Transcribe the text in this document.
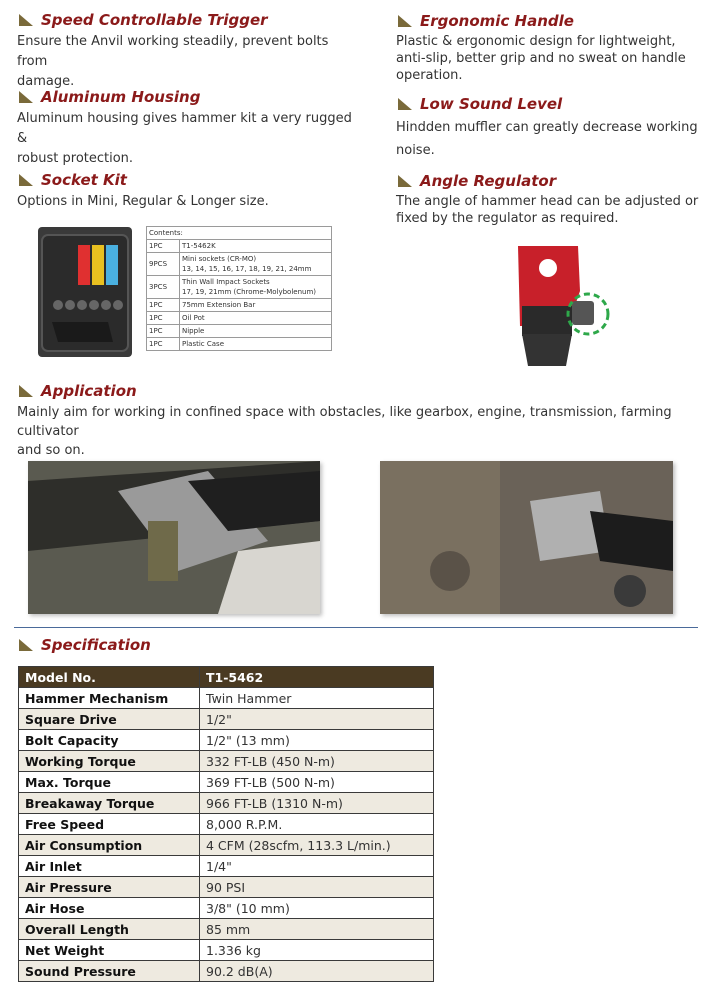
Speed Controllable Trigger
Ensure the Anvil working steadily, prevent bolts from
damage.
Aluminum Housing
Aluminum housing gives hammer kit a very rugged &
robust protection.
Socket Kit
Options in Mini, Regular & Longer size.
Contents:	
1PC	T1-5462K
9PCS	Mini sockets (CR-MO)
13, 14, 15, 16, 17, 18, 19, 21, 24mm
3PCS	Thin Wall Impact Sockets
17, 19, 21mm (Chrome-Molybolenum)
1PC	75mm Extension Bar
1PC	Oil Pot
1PC	Nipple
1PC	Plastic Case
Ergonomic Handle
Plastic & ergonomic design for lightweight,
anti-slip, better grip and no sweat on handle
operation.
Low Sound Level
Hindden muffler can greatly decrease working
noise.
Angle Regulator
The angle of hammer head can be adjusted or
fixed by the regulator as required.
Application
Mainly aim for working in confined space with obstacles, like gearbox, engine, transmission, farming cultivator
and so on.
Specification
Model No.	T1-5462
Hammer Mechanism	Twin Hammer
Square Drive	1/2"
Bolt Capacity	1/2" (13 mm)
Working Torque	332 FT-LB (450 N-m)
Max. Torque	369 FT-LB (500 N-m)
Breakaway Torque	966 FT-LB (1310 N-m)
Free Speed	8,000 R.P.M.
Air Consumption	4 CFM (28scfm, 113.3 L/min.)
Air Inlet	1/4"
Air Pressure	90 PSI
Air Hose	3/8" (10 mm)
Overall Length	85 mm
Net Weight	1.336 kg
Sound Pressure	90.2 dB(A)
